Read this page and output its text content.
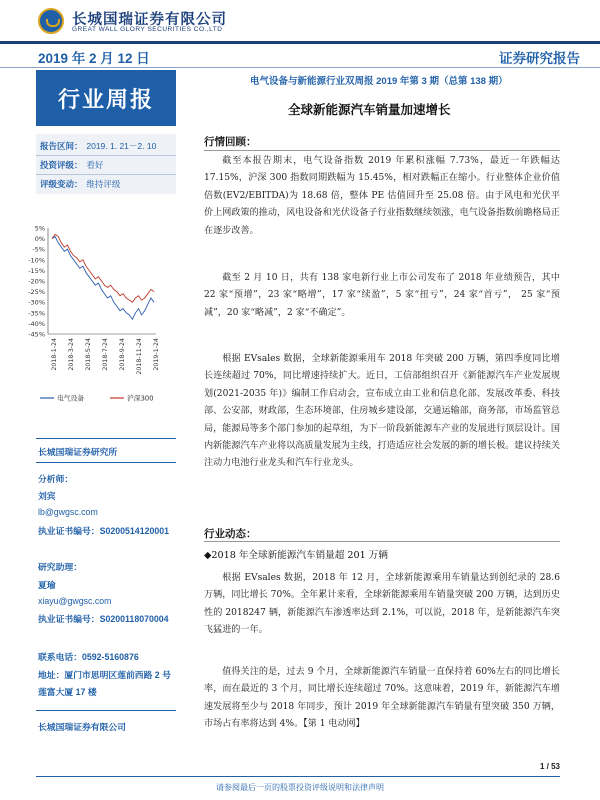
长城国瑞证券有限公司
GREAT WALL GLORY SECURITIES CO.,LTD
2019 年 2 月 12 日	证券研究报告
行业周报
电气设备与新能源行业双周报 2019 年第 3 期（总第 138 期）
全球新能源汽车销量加速增长
报告区间： 2019. 1. 21－2. 10
投资评级： 看好
评级变动： 维持评级
5%
0%
-5%
-10%
-15%
-20%
-25%
-30%
-35%
-40%
-45%
2018-1-24 2018-3-24 2018-5-24 2018-7-24 2018-9-24 2018-11-24 2019-1-24
电气设备	沪深300
长城国瑞证券研究所
分析师：
刘宾
lb@gwgsc.com
执业证书编号：S0200514120001
研究助理：
夏瑜
xiayu@gwgsc.com
执业证书编号：S0200118070004
联系电话：0592-5160876
地址：厦门市思明区莲前西路 2 号
莲富大厦 17 楼
长城国瑞证券有限公司
行情回顾：
截至本报告期末，电气设备指数 2019 年累积涨幅 7.73%，最近一年跌幅达 17.15%，沪深 300 指数同期跌幅为 15.45%，相对跌幅正在缩小。行业整体企业价值倍数(EV2/EBITDA)为 18.68 倍，整体 PE 估值回升至 25.08 倍。由于风电和光伏平价上网政策的推动，风电设备和光伏设备子行业指数继续领涨，电气设备指数前瞻格局正在逐步改善。
截至 2 月 10 日，共有 138 家电新行业上市公司发布了 2018 年业绩预告，其中 22 家“预增”，23 家“略增”，17 家“续盈”，5 家“扭亏”，24 家“首亏”， 25 家“预减”，20 家“略减”，2 家“不确定”。
根据 EVsales 数据，全球新能源乘用车 2018 年突破 200 万辆，第四季度同比增长连续超过 70%，同比增速持续扩大。近日，工信部组织召开《新能源汽车产业发展规划(2021-2035 年)》编制工作启动会，宣布成立由工业和信息化部、发展改革委、科技部、公安部，财政部，生态环境部，住房城乡建设部，交通运输部，商务部，市场监管总局，能源局等多个部门参加的起草组，为下一阶段新能源车产业的发展进行顶层设计。国内新能源汽车产业将以高质量发展为主线，打造适应社会发展的新的增长极。建议持续关注动力电池行业龙头和汽车行业龙头。
行业动态：
◆2018 年全球新能源汽车销量超 201 万辆
根据 EVsales 数据，2018 年 12 月，全球新能源乘用车销量达到创纪录的 28.6 万辆，同比增长 70%。全年累计来看，全球新能源乘用车销量突破 200 万辆，达到历史性的 2018247 辆，新能源汽车渗透率达到 2.1%，可以说，2018 年，是新能源汽车突飞猛进的一年。
值得关注的是，过去 9 个月，全球新能源汽车销量一直保持着 60%左右的同比增长率，而在最近的 3 个月，同比增长连续超过 70%。这意味着，2019 年，新能源汽车增速发展将至少与 2018 年同步，预计 2019 年全球新能源汽车销量有望突破 350 万辆，市场占有率将达到 4%。【第 1 电动网】
1 / 53
请参阅最后一页的股票投资评级说明和法律声明
